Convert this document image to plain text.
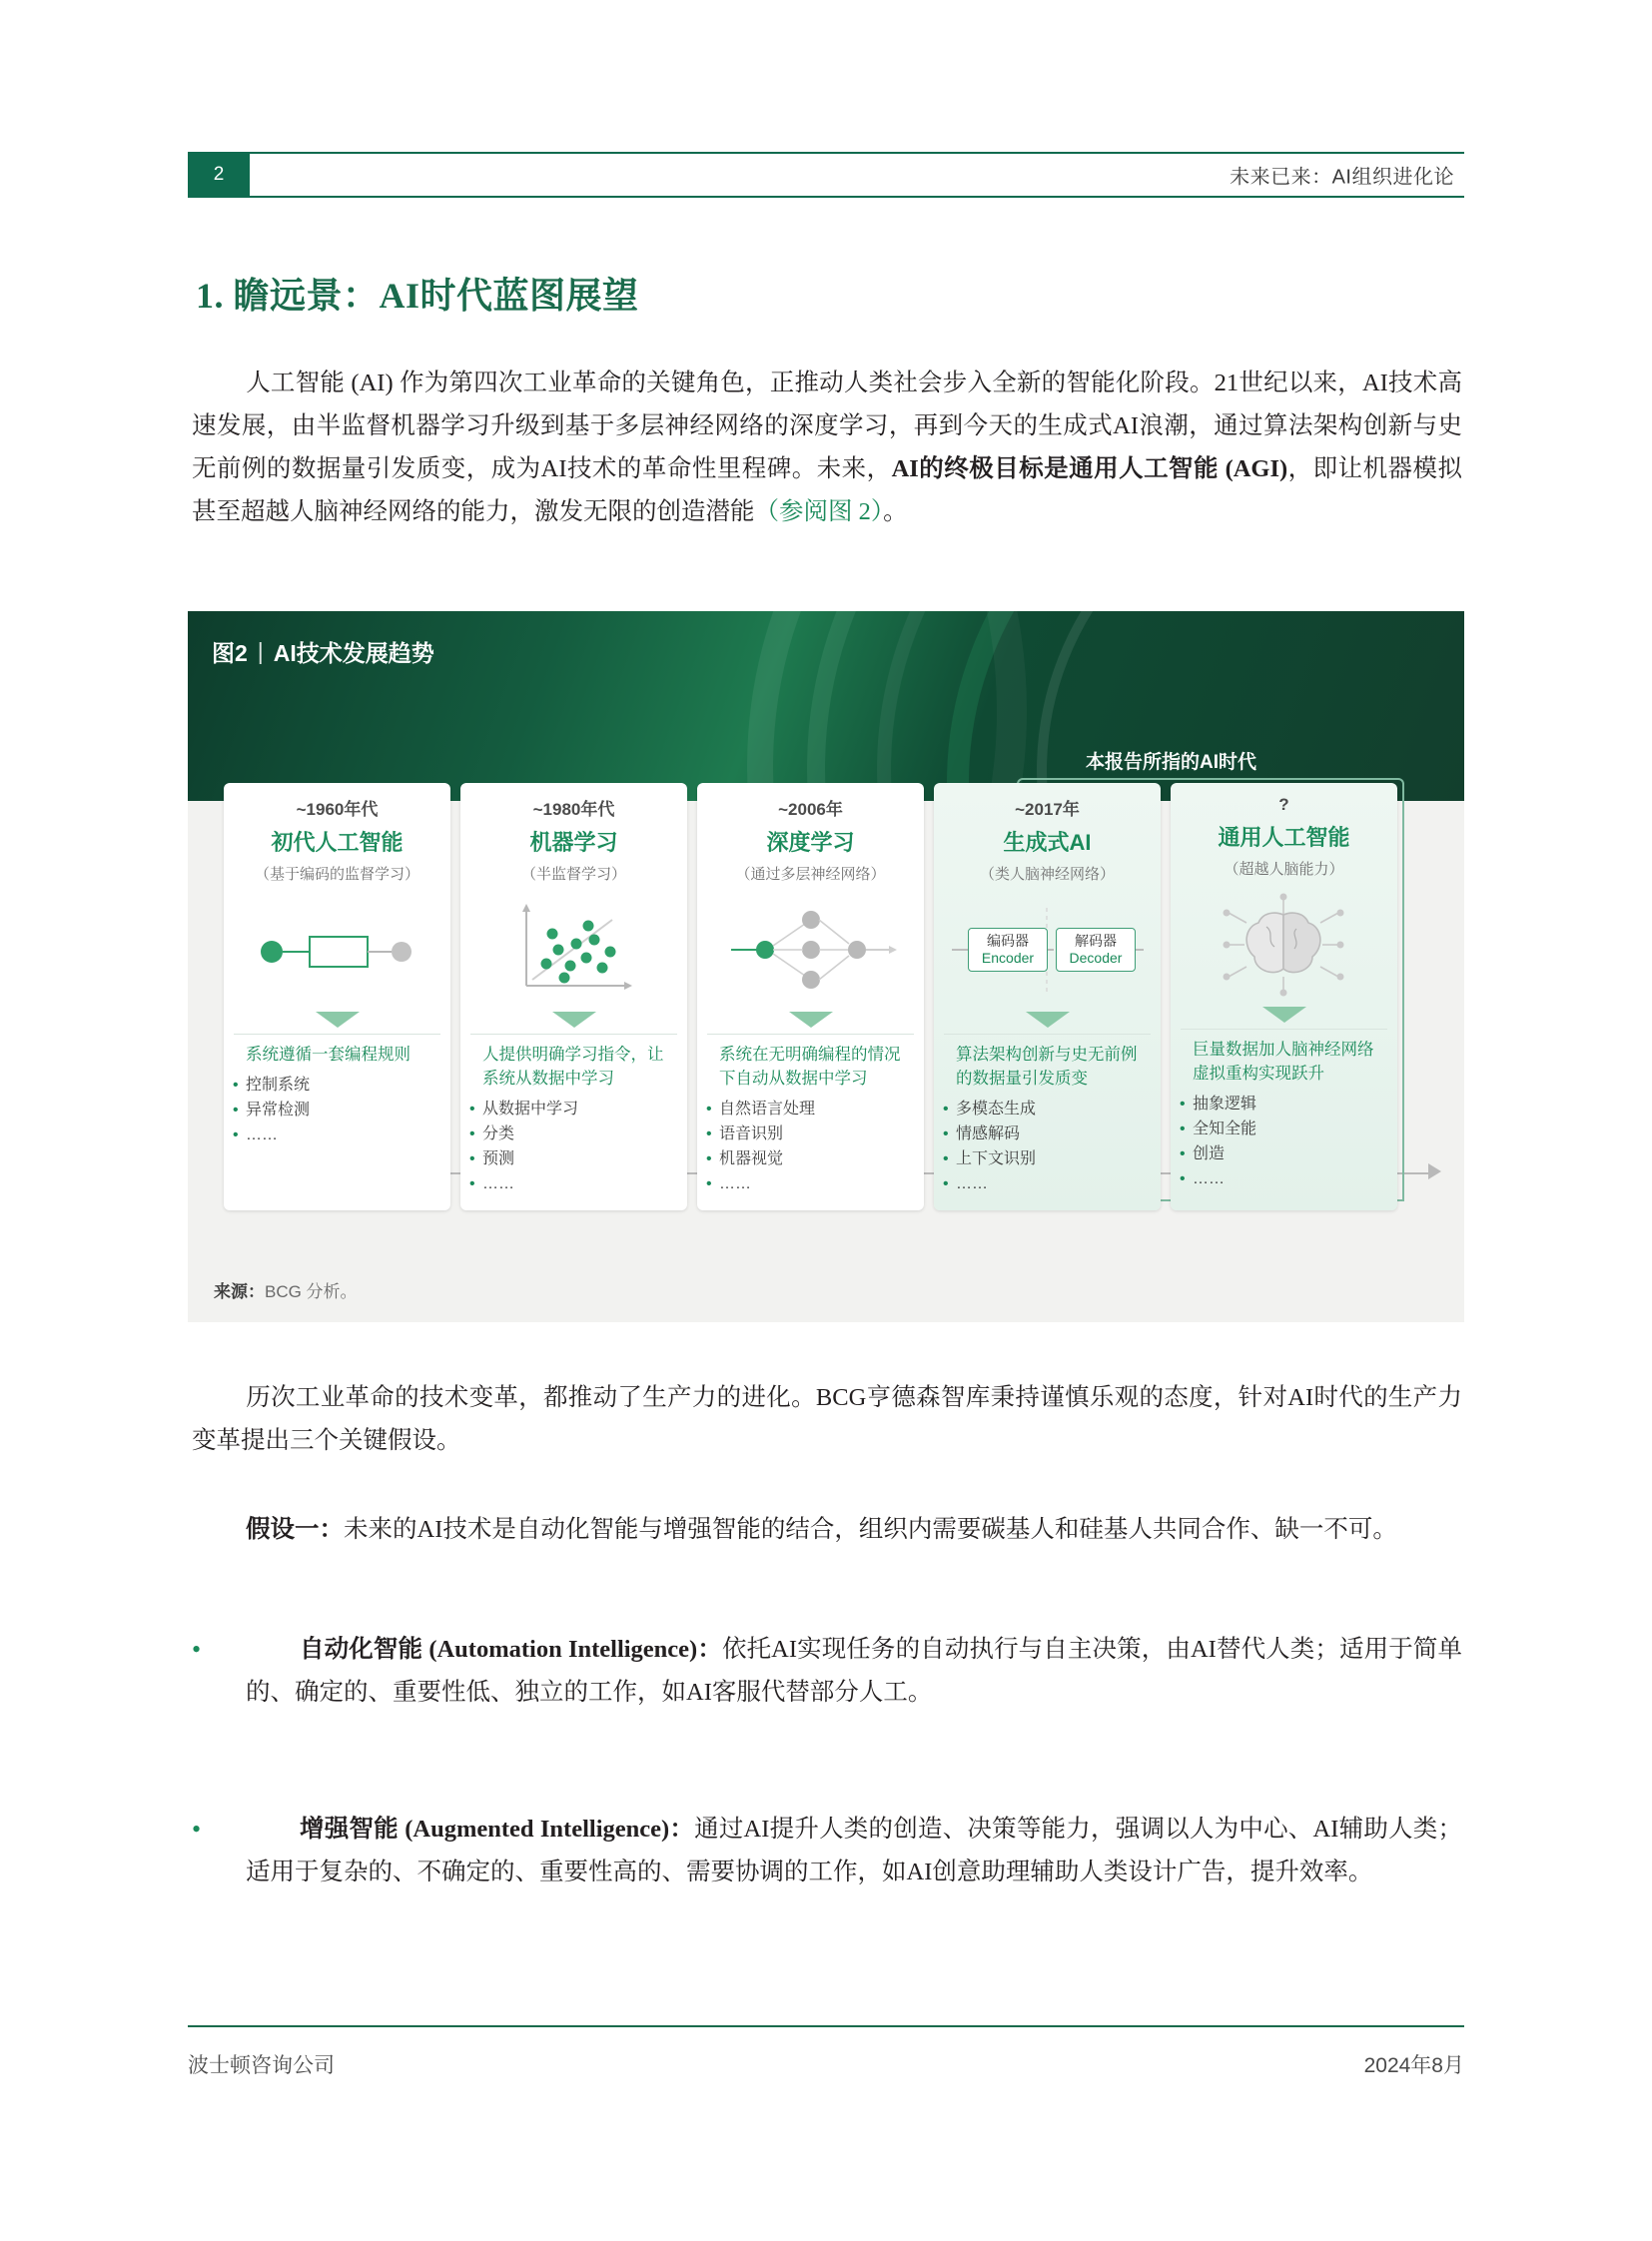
2	未来已来：AI组织进化论
1. 瞻远景：AI时代蓝图展望
人工智能 (AI) 作为第四次工业革命的关键角色，正推动人类社会步入全新的智能化阶段。21世纪以来，AI技术高速发展，由半监督机器学习升级到基于多层神经网络的深度学习，再到今天的生成式AI浪潮，通过算法架构创新与史无前例的数据量引发质变，成为AI技术的革命性里程碑。未来，AI的终极目标是通用人工智能 (AGI)，即让机器模拟甚至超越人脑神经网络的能力，激发无限的创造潜能（参阅图 2）。
图2 | AI技术发展趋势
本报告所指的AI时代
~1960年代
初代人工智能
（基于编码的监督学习）
系统遵循一套编程规则
• 控制系统
• 异常检测
• ……
~1980年代
机器学习
（半监督学习）
人提供明确学习指令，让系统从数据中学习
• 从数据中学习
• 分类
• 预测
• ……
~2006年
深度学习
（通过多层神经网络）
系统在无明确编程的情况下自动从数据中学习
• 自然语言处理
• 语音识别
• 机器视觉
• ……
~2017年
生成式AI
（类人脑神经网络）
编码器
Encoder
解码器
Decoder
算法架构创新与史无前例的数据量引发质变
• 多模态生成
• 情感解码
• 上下文识别
• ……
?
通用人工智能
（超越人脑能力）
巨量数据加人脑神经网络虚拟重构实现跃升
• 抽象逻辑
• 全知全能
• 创造
• ……
来源：BCG 分析。
历次工业革命的技术变革，都推动了生产力的进化。BCG亨德森智库秉持谨慎乐观的态度，针对AI时代的生产力变革提出三个关键假设。
假设一：未来的AI技术是自动化智能与增强智能的结合，组织内需要碳基人和硅基人共同合作、缺一不可。
•	自动化智能 (Automation Intelligence)：依托AI实现任务的自动执行与自主决策，由AI替代人类；适用于简单的、确定的、重要性低、独立的工作，如AI客服代替部分人工。
•	增强智能 (Augmented Intelligence)：通过AI提升人类的创造、决策等能力，强调以人为中心、AI辅助人类；适用于复杂的、不确定的、重要性高的、需要协调的工作，如AI创意助理辅助人类设计广告，提升效率。
波士顿咨询公司	2024年8月
